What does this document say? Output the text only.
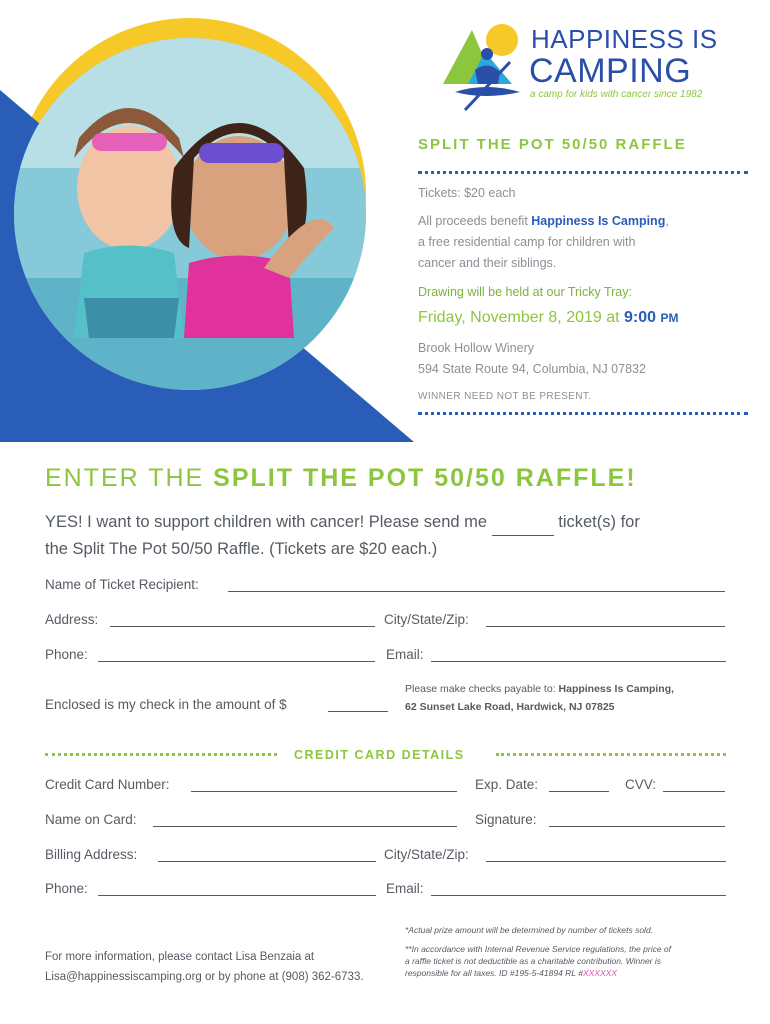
HAPPINESS IS
CAMPING
a camp for kids with cancer since 1982
SPLIT THE POT 50/50 RAFFLE
Tickets: $20 each
All proceeds benefit Happiness Is Camping,
a free residential camp for children with
cancer and their siblings.
Drawing will be held at our Tricky Tray:
Friday, November 8, 2019 at 9:00 PM
Brook Hollow Winery
594 State Route 94, Columbia, NJ 07832
WINNER NEED NOT BE PRESENT.
ENTER THE SPLIT THE POT 50/50 RAFFLE!
YES! I want to support children with cancer! Please send me	ticket(s) for
the Split The Pot 50/50 Raffle. (Tickets are $20 each.)
Name of Ticket Recipient:
Address:	City/State/Zip:
Phone:	Email:
Enclosed is my check in the amount of $
Please make checks payable to: Happiness Is Camping,
62 Sunset Lake Road, Hardwick, NJ 07825
CREDIT CARD DETAILS
Credit Card Number:	Exp. Date:	CVV:
Name on Card:	Signature:
Billing Address:	City/State/Zip:
Phone:	Email:
For more information, please contact Lisa Benzaia at
Lisa@happinessiscamping.org or by phone at (908) 362-6733.
*Actual prize amount will be determined by number of tickets sold.
**In accordance with Internal Revenue Service regulations, the price of
a raffle ticket is not deductible as a charitable contribution. Winner is
responsible for all taxes. ID #195-5-41894 RL #XXXXXX
